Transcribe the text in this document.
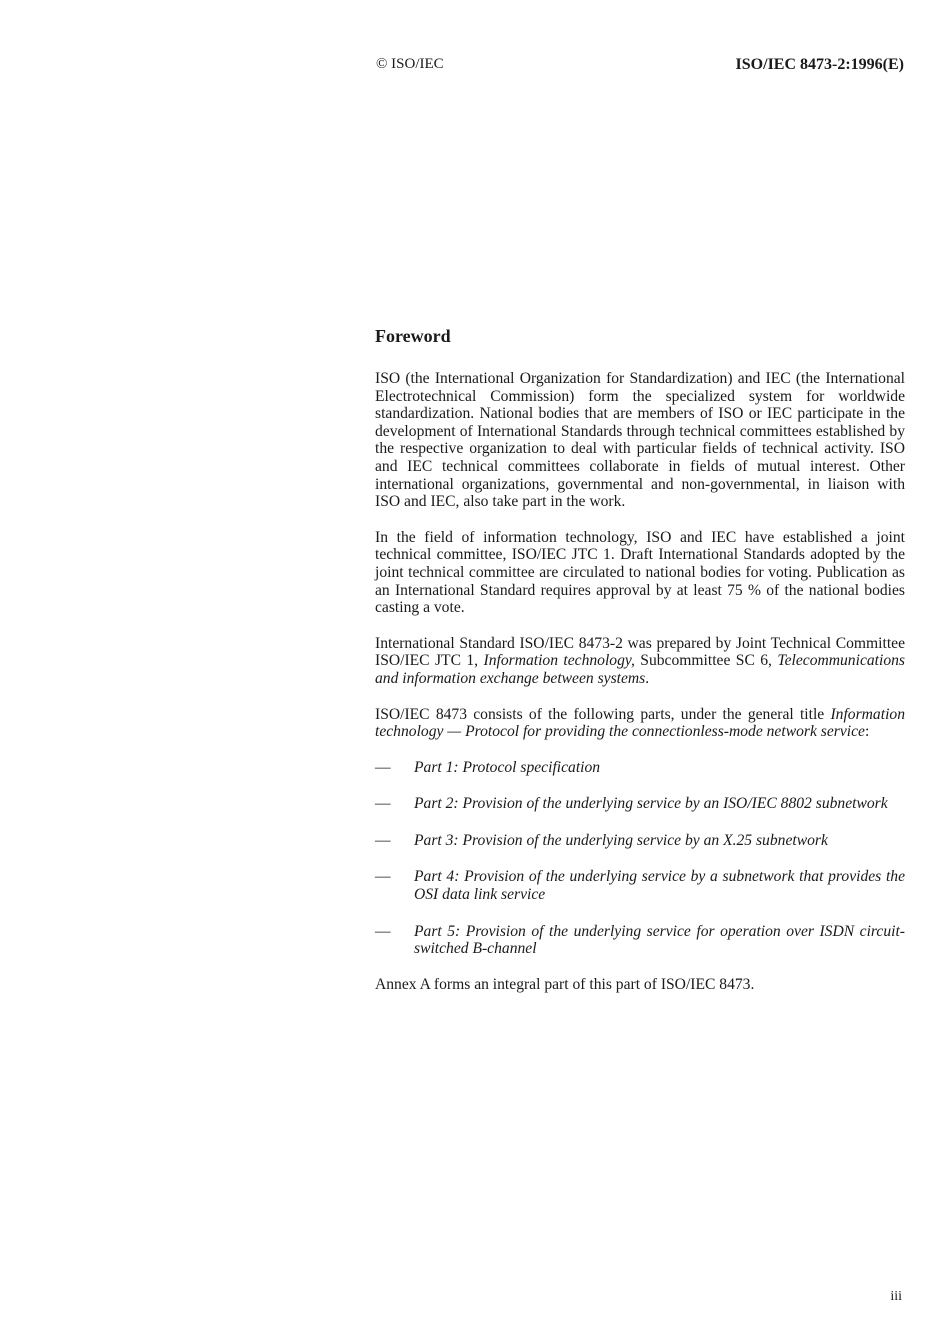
© ISO/IEC	ISO/IEC 8473-2:1996(E)
Foreword

ISO (the International Organization for Standardization) and IEC (the International Electrotechnical Commission) form the specialized system for worldwide standardization. National bodies that are members of ISO or IEC participate in the development of International Standards through technical committees established by the respective organization to deal with particular fields of technical activity. ISO and IEC technical committees collaborate in fields of mutual interest. Other international organizations, governmental and non-governmental, in liaison with ISO and IEC, also take part in the work.

In the field of information technology, ISO and IEC have established a joint technical committee, ISO/IEC JTC 1. Draft International Standards adopted by the joint technical committee are circulated to national bodies for voting. Publication as an International Standard requires approval by at least 75 % of the national bodies casting a vote.

International Standard ISO/IEC 8473-2 was prepared by Joint Technical Committee ISO/IEC JTC 1, Information technology, Subcommittee SC 6, Telecommunications and information exchange between systems.

ISO/IEC 8473 consists of the following parts, under the general title Information technology — Protocol for providing the connectionless-mode network service:

— Part 1: Protocol specification
— Part 2: Provision of the underlying service by an ISO/IEC 8802 subnetwork
— Part 3: Provision of the underlying service by an X.25 subnetwork
— Part 4: Provision of the underlying service by a subnetwork that provides the OSI data link service
— Part 5: Provision of the underlying service for operation over ISDN circuit-switched B-channel

Annex A forms an integral part of this part of ISO/IEC 8473.

iii
